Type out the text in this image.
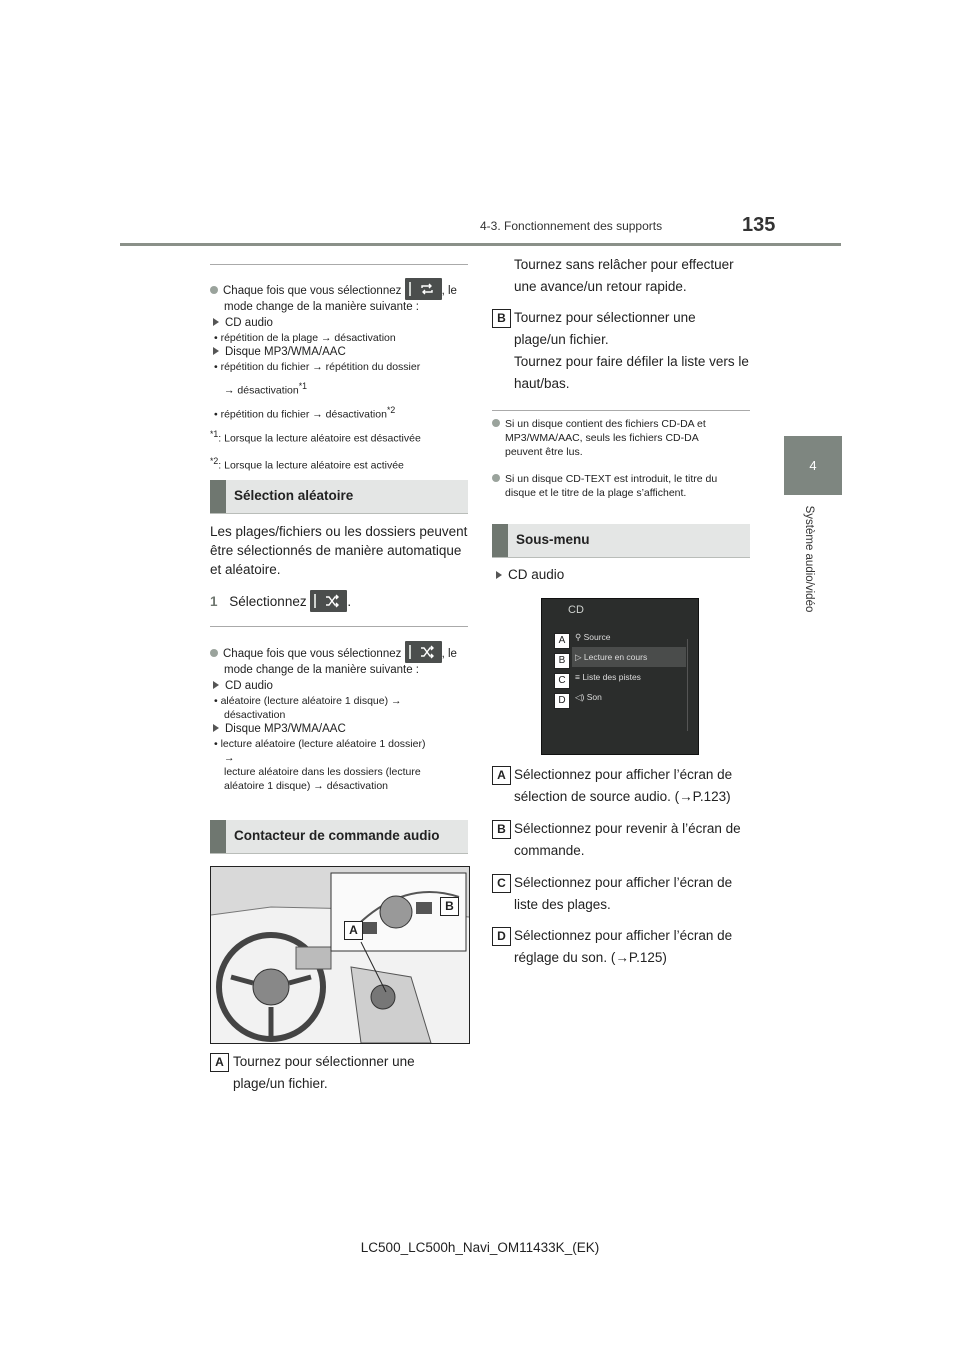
4-3. Fonctionnement des supports	135
4
Système audio/vidéo
Chaque fois que vous sélectionnez	, le
mode change de la manière suivante :
CD audio
• répétition de la plage → désactivation
Disque MP3/WMA/AAC
• répétition du fichier → répétition du dossier
→ désactivation$^{*1}$
• répétition du fichier → désactivation$^{*2}$
$^{*1}$: Lorsque la lecture aléatoire est désactivée
$^{*2}$: Lorsque la lecture aléatoire est activée
Sélection aléatoire
Les plages/fichiers ou les dossiers peuvent
être sélectionnés de manière automatique
et aléatoire.
1 Sélectionnez	.
Chaque fois que vous sélectionnez	, le
mode change de la manière suivante :
CD audio
• aléatoire (lecture aléatoire 1 disque) →
désactivation
Disque MP3/WMA/AAC
• lecture aléatoire (lecture aléatoire 1 dossier)
→
lecture aléatoire dans les dossiers (lecture
aléatoire 1 disque) → désactivation
Contacteur de commande audio
A
B
A Tournez pour sélectionner une
plage/un fichier.
Tournez sans relâcher pour effectuer
une avance/un retour rapide.
B Tournez pour sélectionner une
plage/un fichier.
Tournez pour faire défiler la liste vers le
haut/bas.
Si un disque contient des fichiers CD-DA et
MP3/WMA/AAC, seuls les fichiers CD-DA
peuvent être lus.
Si un disque CD-TEXT est introduit, le titre du
disque et le titre de la plage s’affichent.
Sous-menu
CD audio
CD
A	⚲ Source
B	▷ Lecture en cours
C	≡ Liste des pistes
D	◁) Son
A Sélectionnez pour afficher l’écran de
sélection de source audio. (→P.123)
B Sélectionnez pour revenir à l’écran de
commande.
C Sélectionnez pour afficher l’écran de
liste des plages.
D Sélectionnez pour afficher l’écran de
réglage du son. (→P.125)
LC500_LC500h_Navi_OM11433K_(EK)
